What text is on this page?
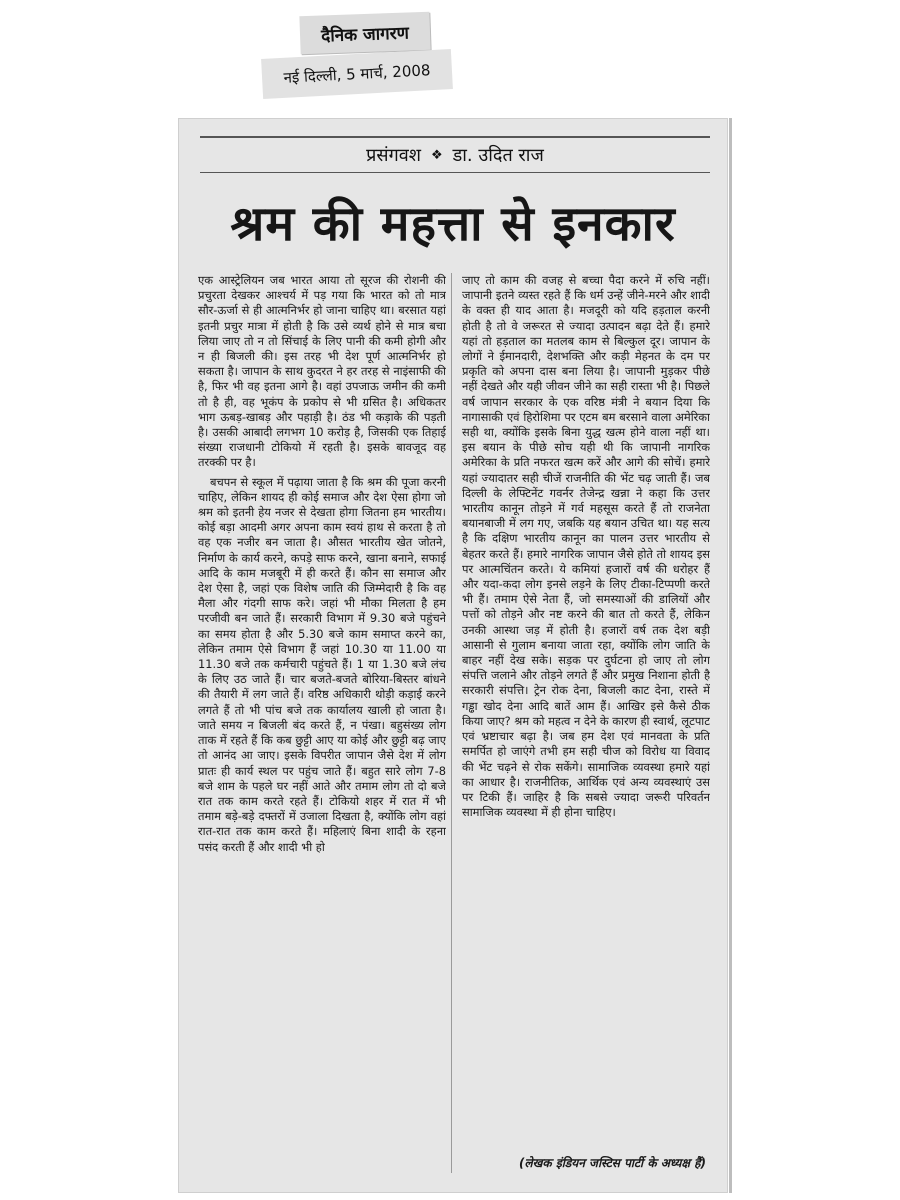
दैनिक जागरण
नई दिल्ली, 5 मार्च, 2008
प्रसंगवश ❖ डा. उदित राज
श्रम की महत्ता से इनकार

एक आस्ट्रेलियन जब भारत आया तो सूरज की रोशनी की प्रचुरता देखकर आश्चर्य में पड़ गया कि भारत को तो मात्र सौर-ऊर्जा से ही आत्मनिर्भर हो जाना चाहिए था। बरसात यहां इतनी प्रचुर मात्रा में होती है कि उसे व्यर्थ होने से मात्र बचा लिया जाए तो न तो सिंचाई के लिए पानी की कमी होगी और न ही बिजली की। इस तरह भी देश पूर्ण आत्मनिर्भर हो सकता है। जापान के साथ कुदरत ने हर तरह से नाइंसाफी की है, फिर भी वह इतना आगे है। वहां उपजाऊ जमीन की कमी तो है ही, वह भूकंप के प्रकोप से भी ग्रसित है। अधिकतर भाग ऊबड़-खाबड़ और पहाड़ी है। ठंड भी कड़ाके की पड़ती है। उसकी आबादी लगभग 10 करोड़ है, जिसकी एक तिहाई संख्या राजधानी टोकियो में रहती है। इसके बावजूद वह तरक्की पर है।

बचपन से स्कूल में पढ़ाया जाता है कि श्रम की पूजा करनी चाहिए, लेकिन शायद ही कोई समाज और देश ऐसा होगा जो श्रम को इतनी हेय नजर से देखता होगा जितना हम भारतीय। कोई बड़ा आदमी अगर अपना काम स्वयं हाथ से करता है तो वह एक नजीर बन जाता है। औसत भारतीय खेत जोतने, निर्माण के कार्य करने, कपड़े साफ करने, खाना बनाने, सफाई आदि के काम मजबूरी में ही करते हैं। कौन सा समाज और देश ऐसा है, जहां एक विशेष जाति की जिम्मेदारी है कि वह मैला और गंदगी साफ करे। जहां भी मौका मिलता है हम परजीवी बन जाते हैं। सरकारी विभाग में 9.30 बजे पहुंचने का समय होता है और 5.30 बजे काम समाप्त करने का, लेकिन तमाम ऐसे विभाग हैं जहां 10.30 या 11.00 या 11.30 बजे तक कर्मचारी पहुंचते हैं। 1 या 1.30 बजे लंच के लिए उठ जाते हैं। चार बजते-बजते बोरिया-बिस्तर बांधने की तैयारी में लग जाते हैं। वरिष्ठ अधिकारी थोड़ी कड़ाई करने लगते हैं तो भी पांच बजे तक कार्यालय खाली हो जाता है। जाते समय न बिजली बंद करते हैं, न पंखा। बहुसंख्य लोग ताक में रहते हैं कि कब छुट्टी आए या कोई और छुट्टी बढ़ जाए तो आनंद आ जाए। इसके विपरीत जापान जैसे देश में लोग प्रातः ही कार्य स्थल पर पहुंच जाते हैं। बहुत सारे लोग 7-8 बजे शाम के पहले घर नहीं आते और तमाम लोग तो दो बजे रात तक काम करते रहते हैं। टोकियो शहर में रात में भी तमाम बड़े-बड़े दफ्तरों में उजाला दिखता है, क्योंकि लोग वहां रात-रात तक काम करते हैं। महिलाएं बिना शादी के रहना पसंद करती हैं और शादी भी हो

जाए तो काम की वजह से बच्चा पैदा करने में रुचि नहीं। जापानी इतने व्यस्त रहते हैं कि धर्म उन्हें जीने-मरने और शादी के वक्त ही याद आता है। मजदूरी को यदि हड़ताल करनी होती है तो वे जरूरत से ज्यादा उत्पादन बढ़ा देते हैं। हमारे यहां तो हड़ताल का मतलब काम से बिल्कुल दूर। जापान के लोगों ने ईमानदारी, देशभक्ति और कड़ी मेहनत के दम पर प्रकृति को अपना दास बना लिया है। जापानी मुड़कर पीछे नहीं देखते और यही जीवन जीने का सही रास्ता भी है। पिछले वर्ष जापान सरकार के एक वरिष्ठ मंत्री ने बयान दिया कि नागासाकी एवं हिरोशिमा पर एटम बम बरसाने वाला अमेरिका सही था, क्योंकि इसके बिना युद्ध खत्म होने वाला नहीं था। इस बयान के पीछे सोच यही थी कि जापानी नागरिक अमेरिका के प्रति नफरत खत्म करें और आगे की सोचें। हमारे यहां ज्यादातर सही चीजें राजनीति की भेंट चढ़ जाती हैं। जब दिल्ली के लेफ्टिनेंट गवर्नर तेजेन्द्र खन्ना ने कहा कि उत्तर भारतीय कानून तोड़ने में गर्व महसूस करते हैं तो राजनेता बयानबाजी में लग गए, जबकि यह बयान उचित था। यह सत्य है कि दक्षिण भारतीय कानून का पालन उत्तर भारतीय से बेहतर करते हैं। हमारे नागरिक जापान जैसे होते तो शायद इस पर आत्मचिंतन करते। ये कमियां हजारों वर्ष की धरोहर हैं और यदा-कदा लोग इनसे लड़ने के लिए टीका-टिप्पणी करते भी हैं। तमाम ऐसे नेता हैं, जो समस्याओं की डालियों और पत्तों को तोड़ने और नष्ट करने की बात तो करते हैं, लेकिन उनकी आस्था जड़ में होती है। हजारों वर्ष तक देश बड़ी आसानी से गुलाम बनाया जाता रहा, क्योंकि लोग जाति के बाहर नहीं देख सके। सड़क पर दुर्घटना हो जाए तो लोग संपत्ति जलाने और तोड़ने लगते हैं और प्रमुख निशाना होती है सरकारी संपत्ति। ट्रेन रोक देना, बिजली काट देना, रास्ते में गड्ढा खोद देना आदि बातें आम हैं। आखिर इसे कैसे ठीक किया जाए? श्रम को महत्व न देने के कारण ही स्वार्थ, लूटपाट एवं भ्रष्टाचार बढ़ा है। जब हम देश एवं मानवता के प्रति समर्पित हो जाएंगे तभी हम सही चीज को विरोध या विवाद की भेंट चढ़ने से रोक सकेंगे। सामाजिक व्यवस्था हमारे यहां का आधार है। राजनीतिक, आर्थिक एवं अन्य व्यवस्थाएं उस पर टिकी हैं। जाहिर है कि सबसे ज्यादा जरूरी परिवर्तन सामाजिक व्यवस्था में ही होना चाहिए।

(लेखक इंडियन जस्टिस पार्टी के अध्यक्ष हैं)
